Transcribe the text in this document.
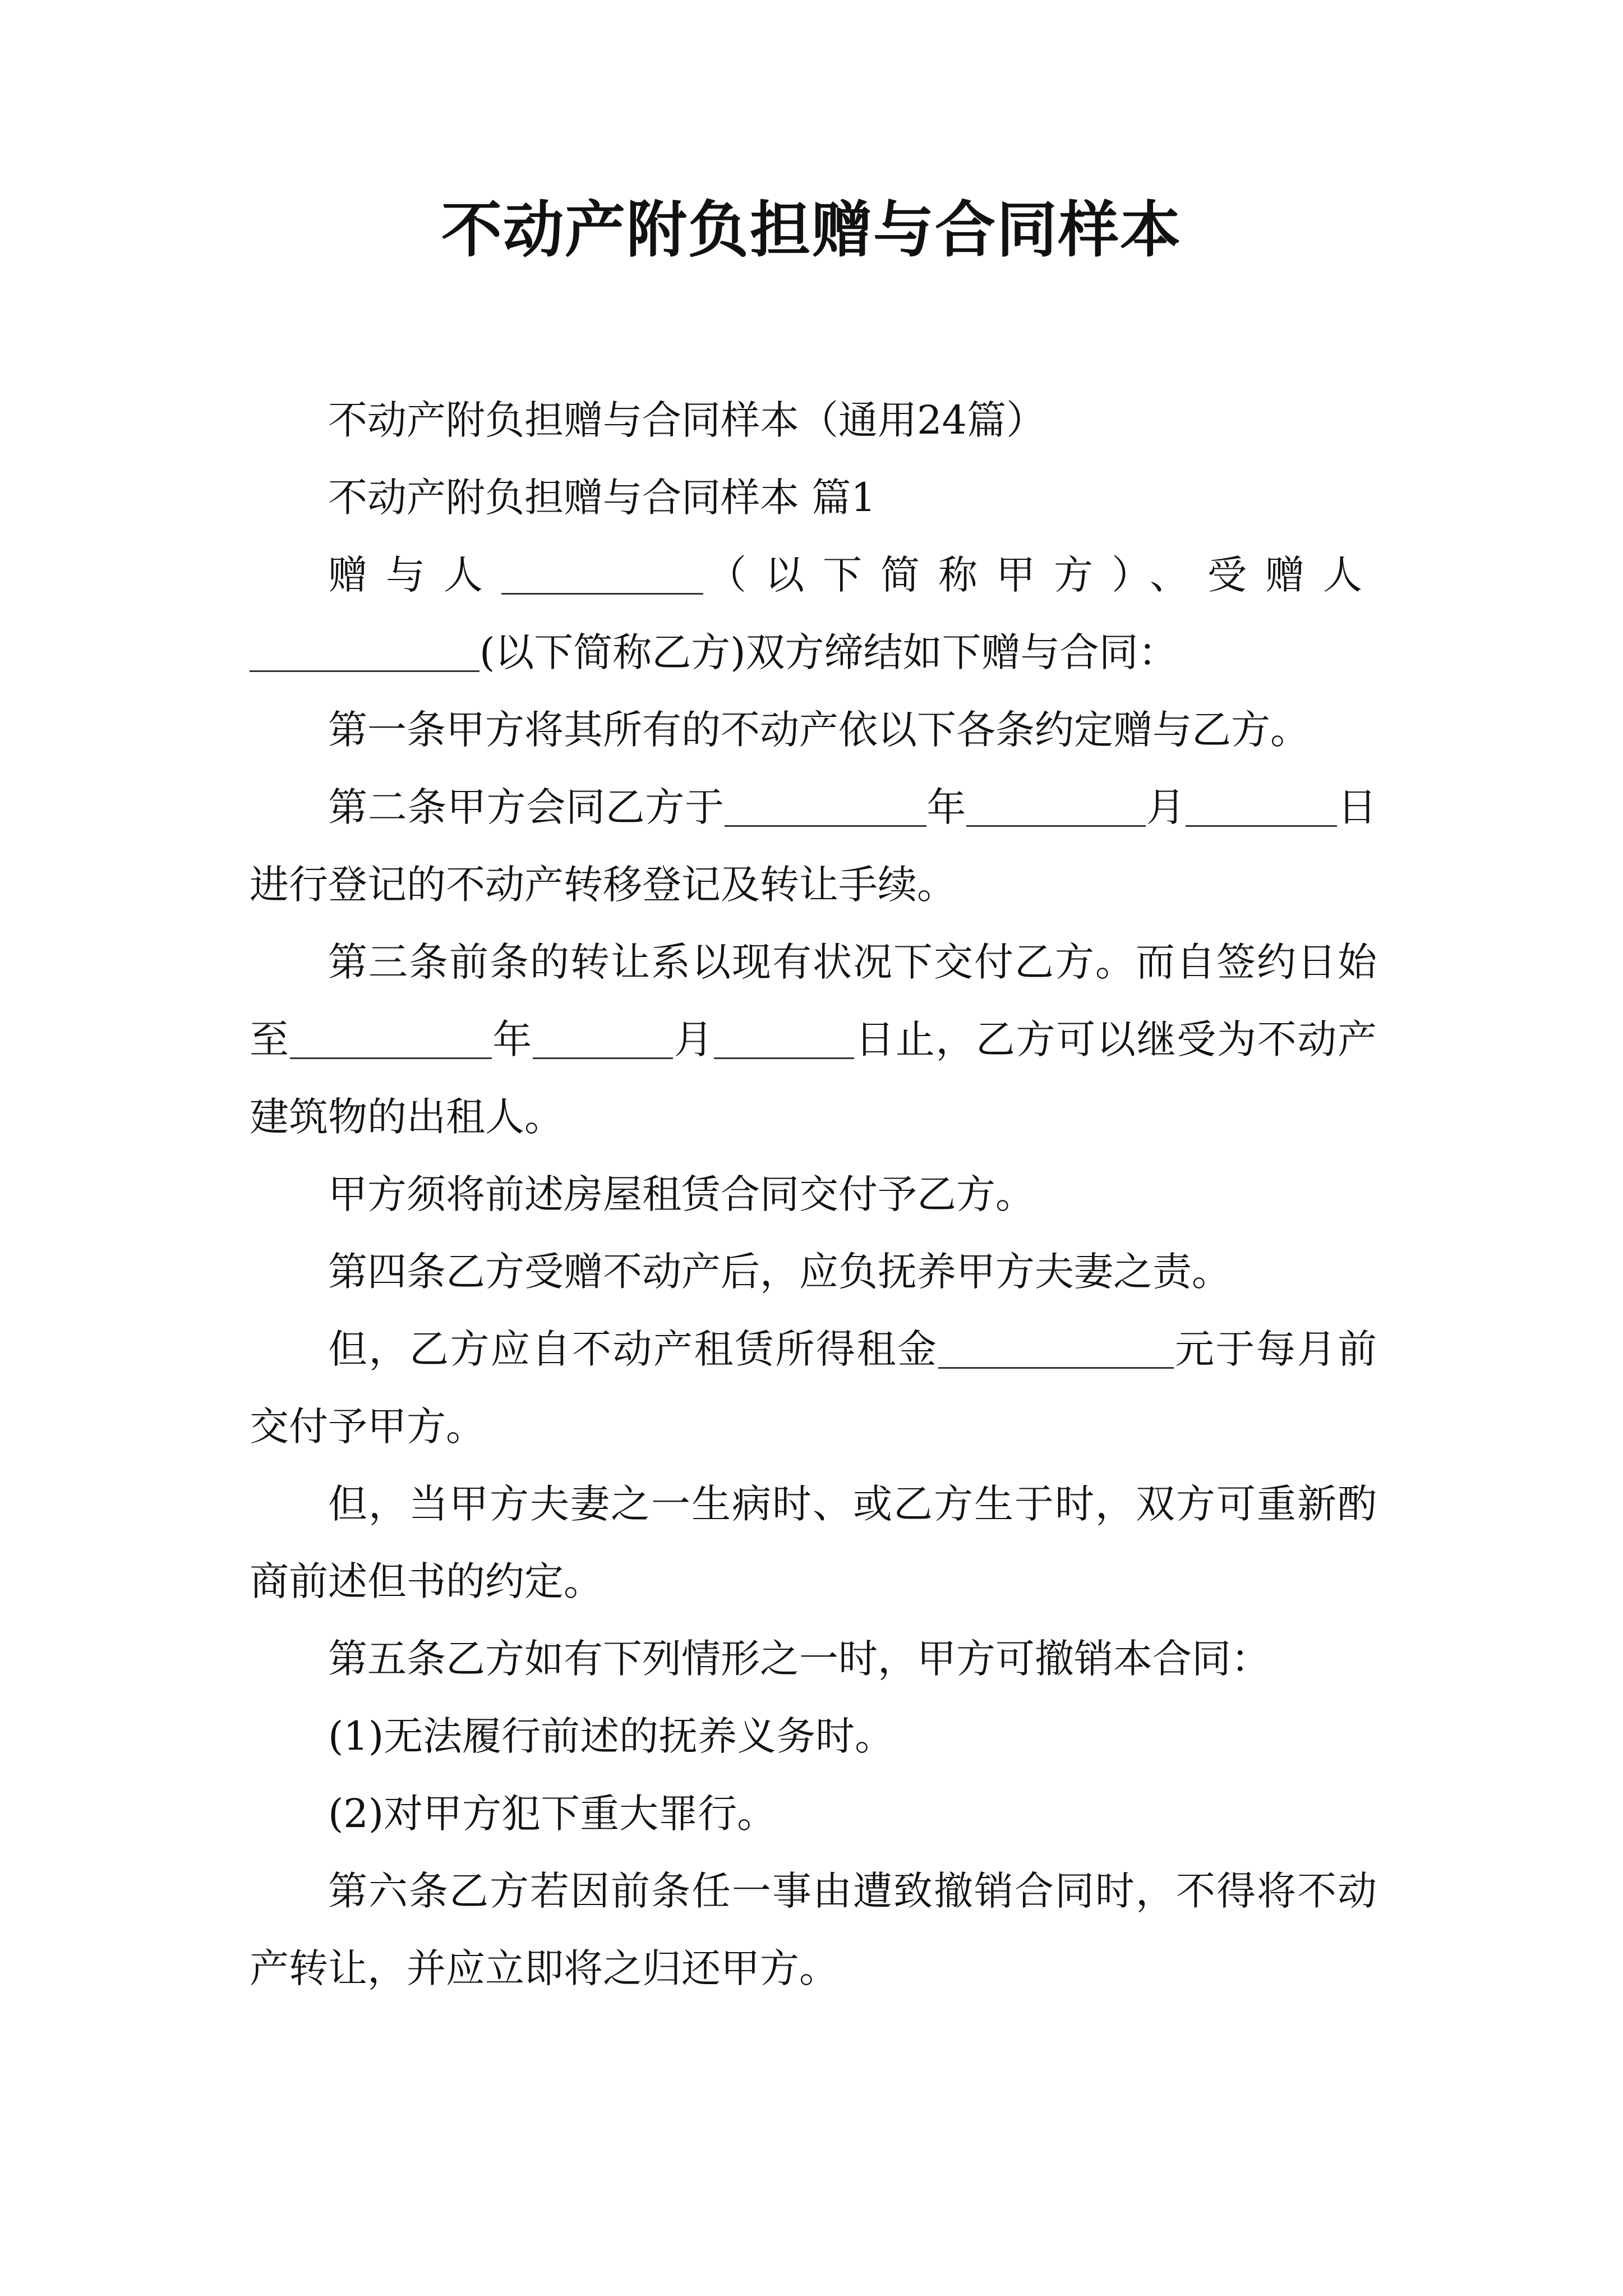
不动产附负担赠与合同样本

不动产附负担赠与合同样本（通用24篇）

不动产附负担赠与合同样本 篇1

赠与人	（以下简称甲方）、受赠人(以下简称乙方)双方缔结如下赠与合同：

第一条甲方将其所有的不动产依以下各条约定赠与乙方。

第二条甲方会同乙方于	年	月	日进行登记的不动产转移登记及转让手续。

第三条前条的转让系以现有状况下交付乙方。而自签约日始至	年	月	日止，乙方可以继受为不动产建筑物的出租人。

甲方须将前述房屋租赁合同交付予乙方。

第四条乙方受赠不动产后，应负抚养甲方夫妻之责。

但，乙方应自不动产租赁所得租金	元于每月前交付予甲方。

但，当甲方夫妻之一生病时、或乙方生于时，双方可重新酌商前述但书的约定。

第五条乙方如有下列情形之一时，甲方可撤销本合同：

(1)无法履行前述的抚养义务时。

(2)对甲方犯下重大罪行。

第六条乙方若因前条任一事由遭致撤销合同时，不得将不动产转让，并应立即将之归还甲方。
